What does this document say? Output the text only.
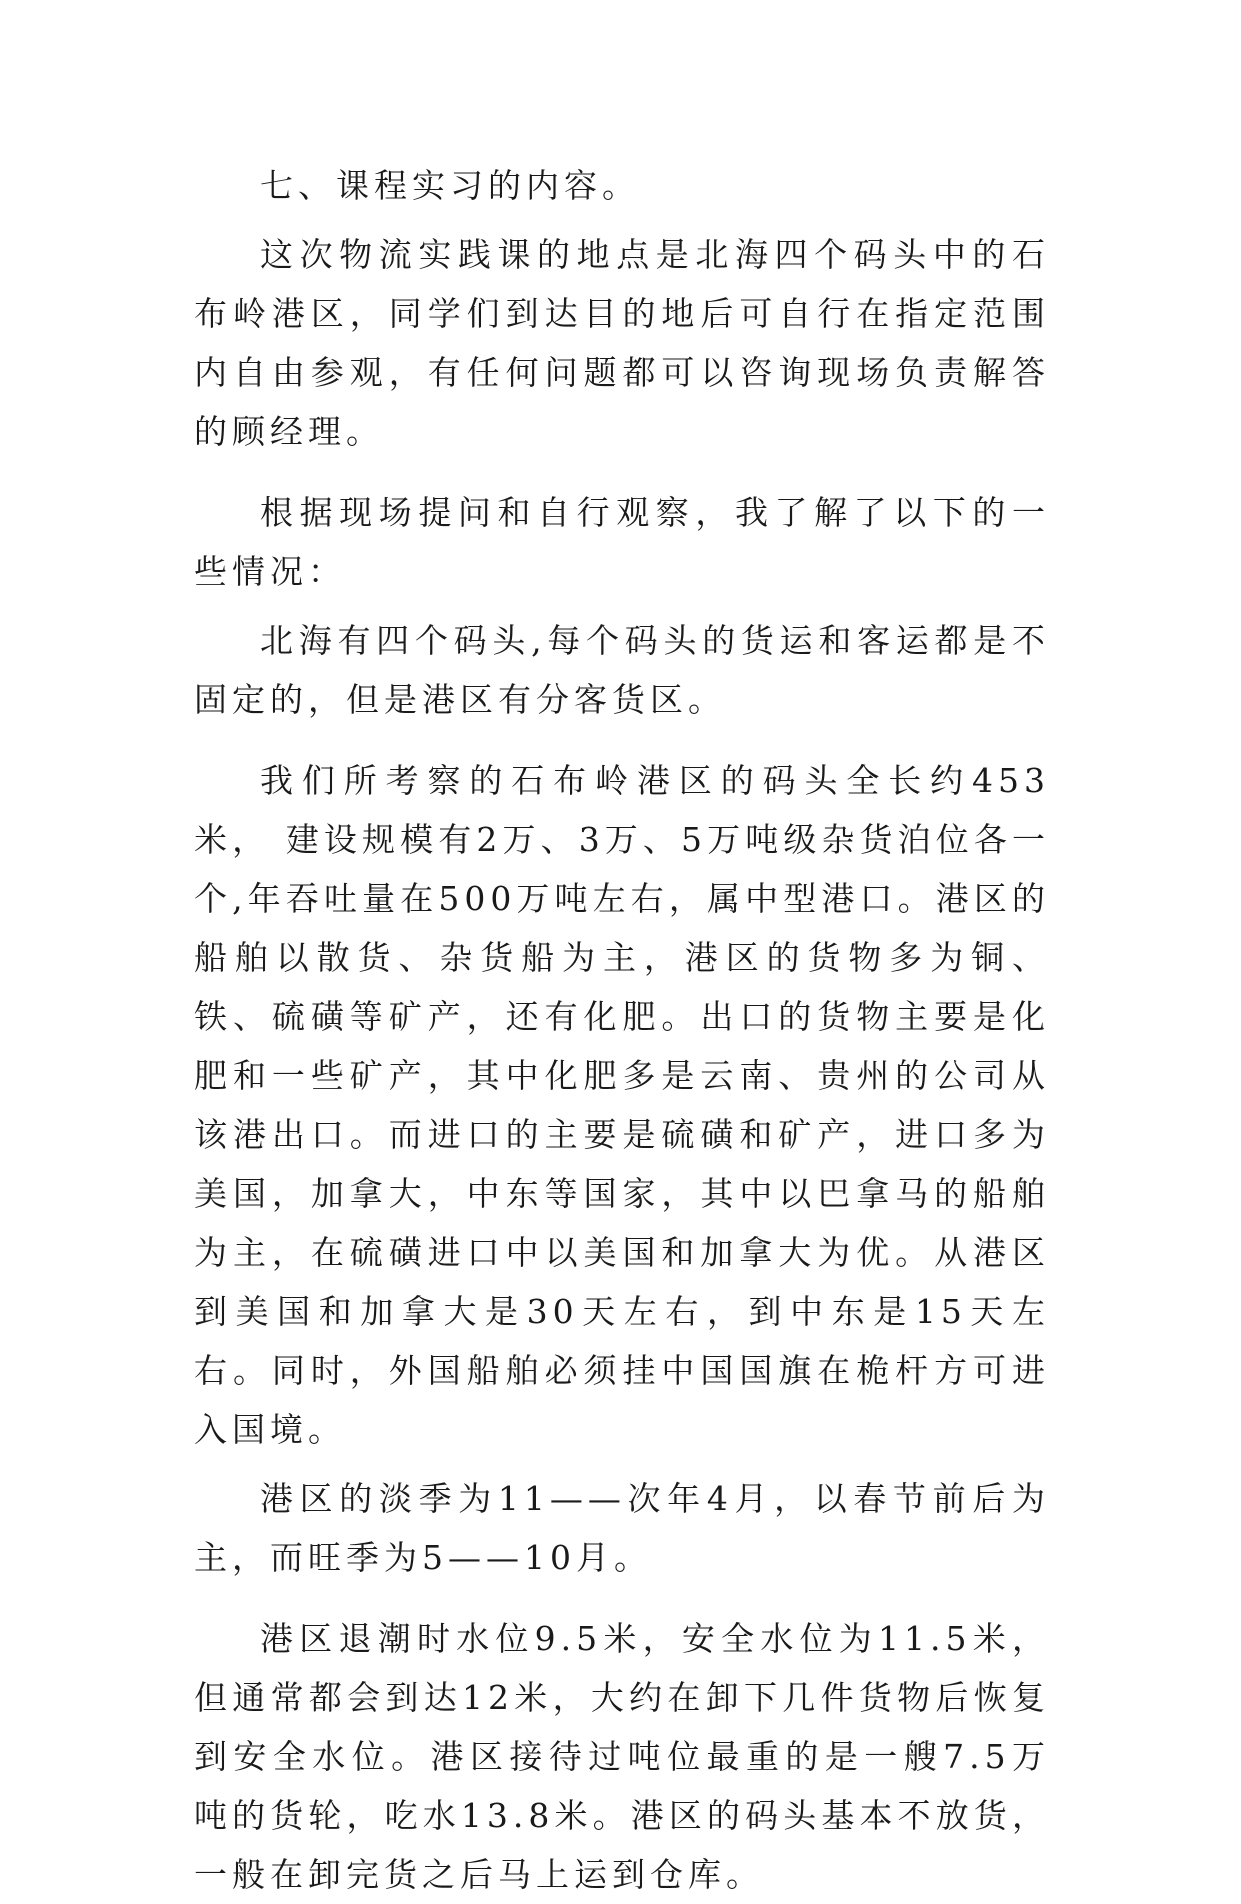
七、课程实习的内容。

这次物流实践课的地点是北海四个码头中的石布岭港区，同学们到达目的地后可自行在指定范围内自由参观，有任何问题都可以咨询现场负责解答的顾经理。

根据现场提问和自行观察，我了解了以下的一些情况：

北海有四个码头,每个码头的货运和客运都是不固定的，但是港区有分客货区。

我们所考察的石布岭港区的码头全长约453米， 建设规模有2万、3万、5万吨级杂货泊位各一个,年吞吐量在500万吨左右，属中型港口。港区的船舶以散货、杂货船为主，港区的货物多为铜、铁、硫磺等矿产，还有化肥。出口的货物主要是化肥和一些矿产，其中化肥多是云南、贵州的公司从该港出口。而进口的主要是硫磺和矿产，进口多为美国，加拿大，中东等国家，其中以巴拿马的船舶为主，在硫磺进口中以美国和加拿大为优。从港区到美国和加拿大是30天左右，到中东是15天左右。同时，外国船舶必须挂中国国旗在桅杆方可进入国境。

港区的淡季为11——次年4月，以春节前后为主，而旺季为5——10月。

港区退潮时水位9.5米，安全水位为11.5米，但通常都会到达12米，大约在卸下几件货物后恢复到安全水位。港区接待过吨位最重的是一艘7.5万吨的货轮，吃水13.8米。港区的码头基本不放货，一般在卸完货之后马上运到仓库。
